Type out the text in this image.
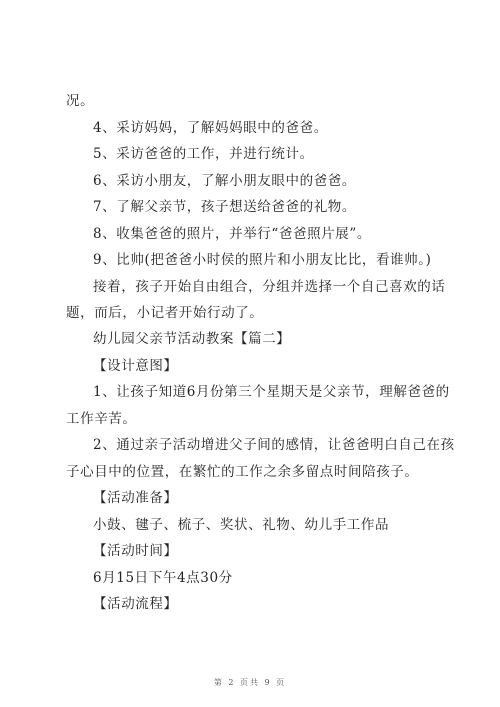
况。
4、采访妈妈，了解妈妈眼中的爸爸。
5、采访爸爸的工作，并进行统计。
6、采访小朋友，了解小朋友眼中的爸爸。
7、了解父亲节，孩子想送给爸爸的礼物。
8、收集爸爸的照片，并举行“爸爸照片展”。
9、比帅(把爸爸小时侯的照片和小朋友比比，看谁帅。)
接着，孩子开始自由组合，分组并选择一个自己喜欢的话
题，而后，小记者开始行动了。
幼儿园父亲节活动教案【篇二】
【设计意图】
1、让孩子知道6月份第三个星期天是父亲节，理解爸爸的
工作辛苦。
2、通过亲子活动增进父子间的感情，让爸爸明白自己在孩
子心目中的位置，在繁忙的工作之余多留点时间陪孩子。
【活动准备】
小鼓、毽子、梳子、奖状、礼物、幼儿手工作品
【活动时间】
6月15日下午4点30分
【活动流程】
第 2 页共 9 页
